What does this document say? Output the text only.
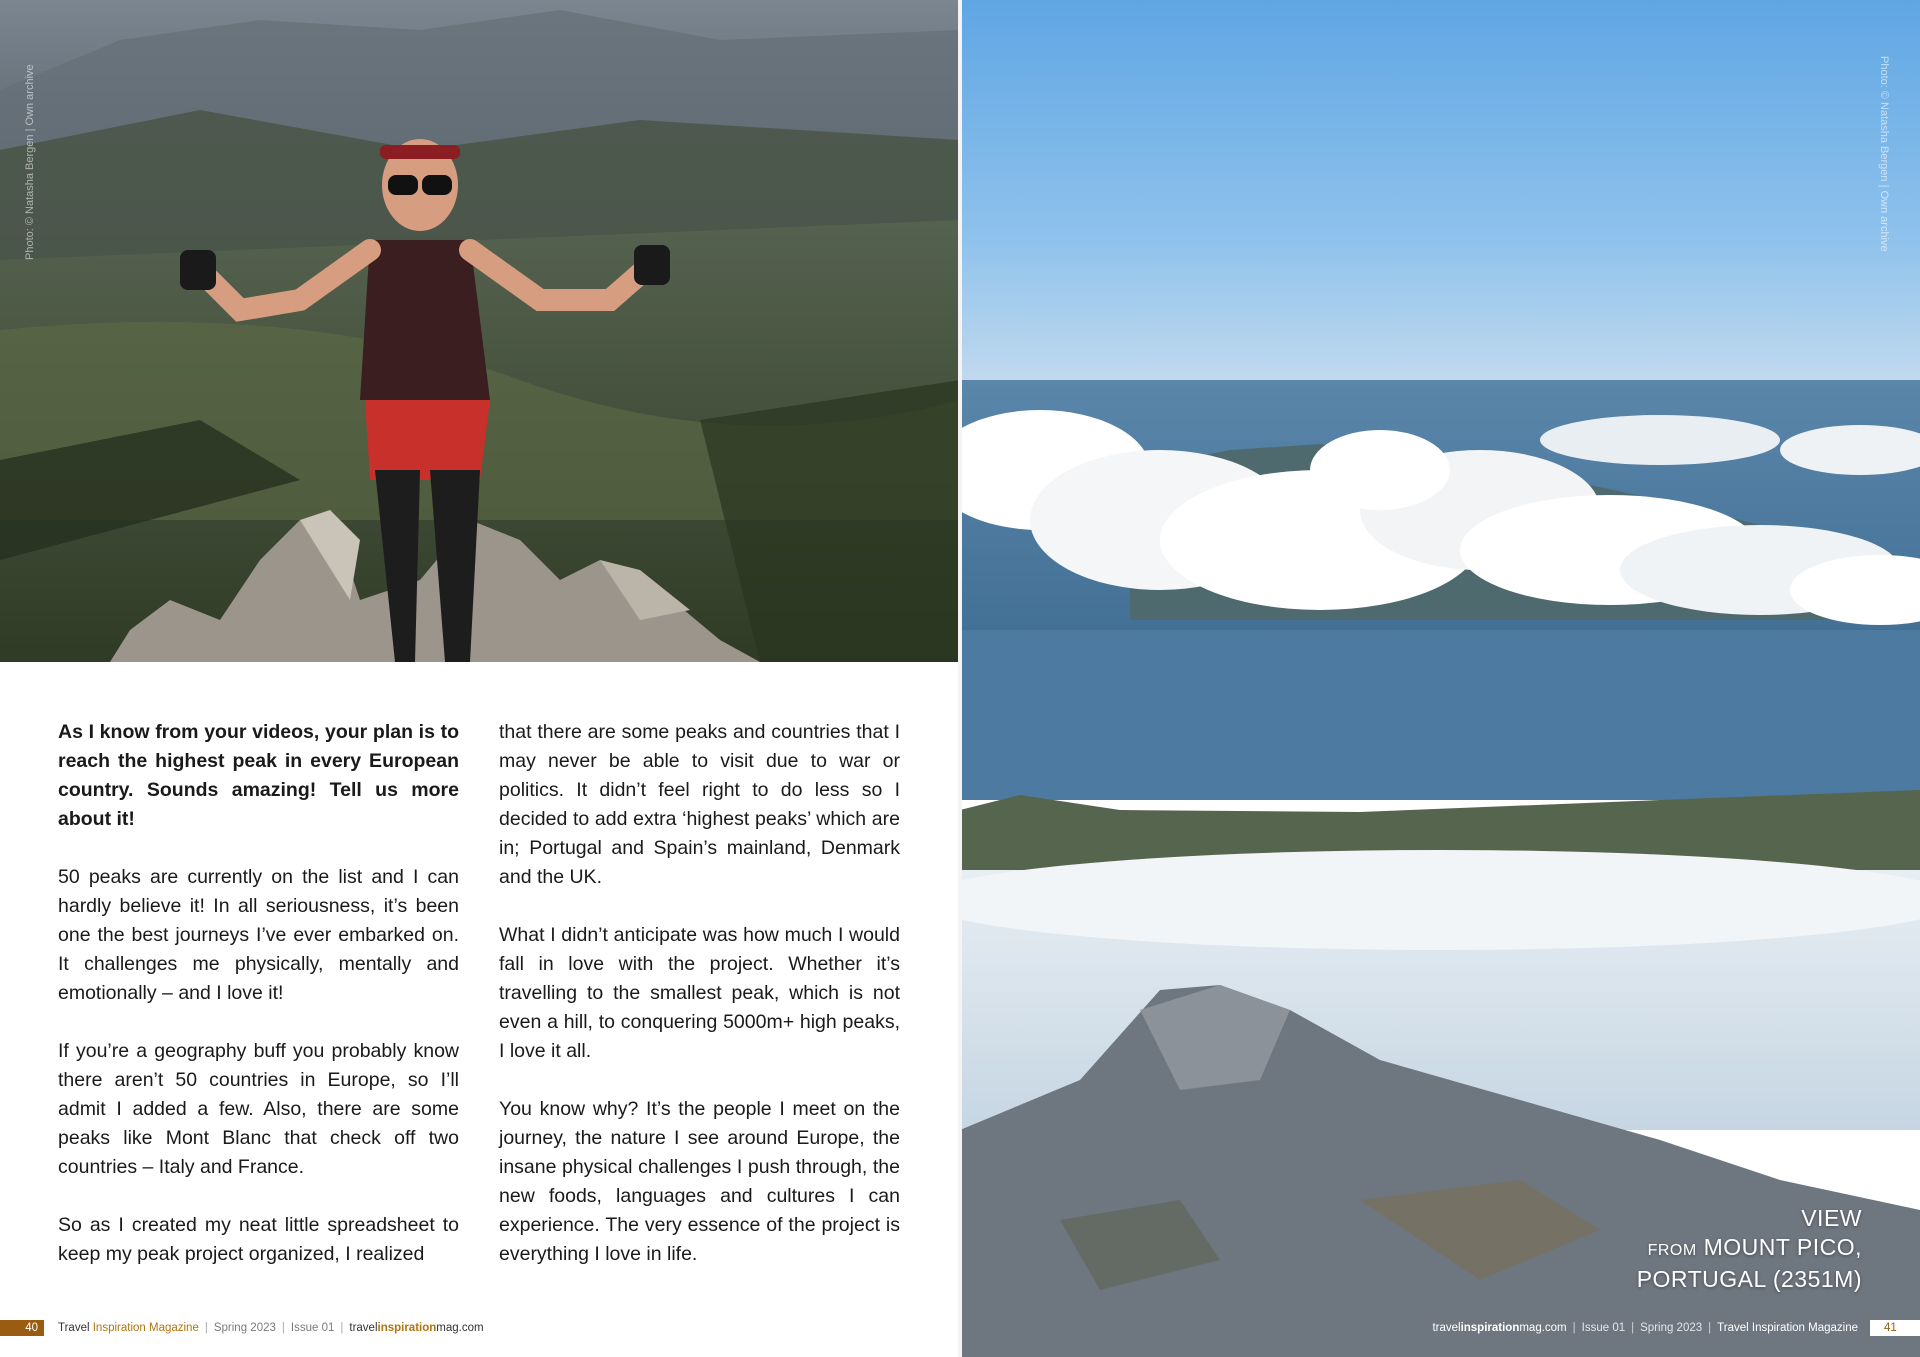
Photo: © Natasha Bergen | Own archive

As I know from your videos, your plan is to reach the highest peak in every European country. Sounds amazing! Tell us more about it!

50 peaks are currently on the list and I can hardly believe it! In all seriousness, it’s been one the best journeys I’ve ever embarked on. It challenges me physically, mentally and emotionally – and I love it!

If you’re a geography buff you probably know there aren’t 50 countries in Europe, so I’ll admit I added a few. Also, there are some peaks like Mont Blanc that check off two countries – Italy and France.

So as I created my neat little spreadsheet to keep my peak project organized, I realized

that there are some peaks and countries that I may never be able to visit due to war or politics. It didn’t feel right to do less so I decided to add extra ‘highest peaks’ which are in; Portugal and Spain’s mainland, Denmark and the UK.

What I didn’t anticipate was how much I would fall in love with the project. Whether it’s travelling to the smallest peak, which is not even a hill, to conquering 5000m+ high peaks, I love it all.

You know why? It’s the people I meet on the journey, the nature I see around Europe, the insane physical challenges I push through, the new foods, languages and cultures I can experience. The very essence of the project is everything I love in life.

40	Travel
Inspiration Magazine | Spring 2023 | Issue 01 | travelinspirationmag.com
VIEW
FROM MOUNT PICO,
PORTUGAL (2351M)
travelinspirationmag.com | Issue 01 | Spring 2023 | Travel Inspiration Magazine	41
Photo: © Natasha Bergen | Own archive
